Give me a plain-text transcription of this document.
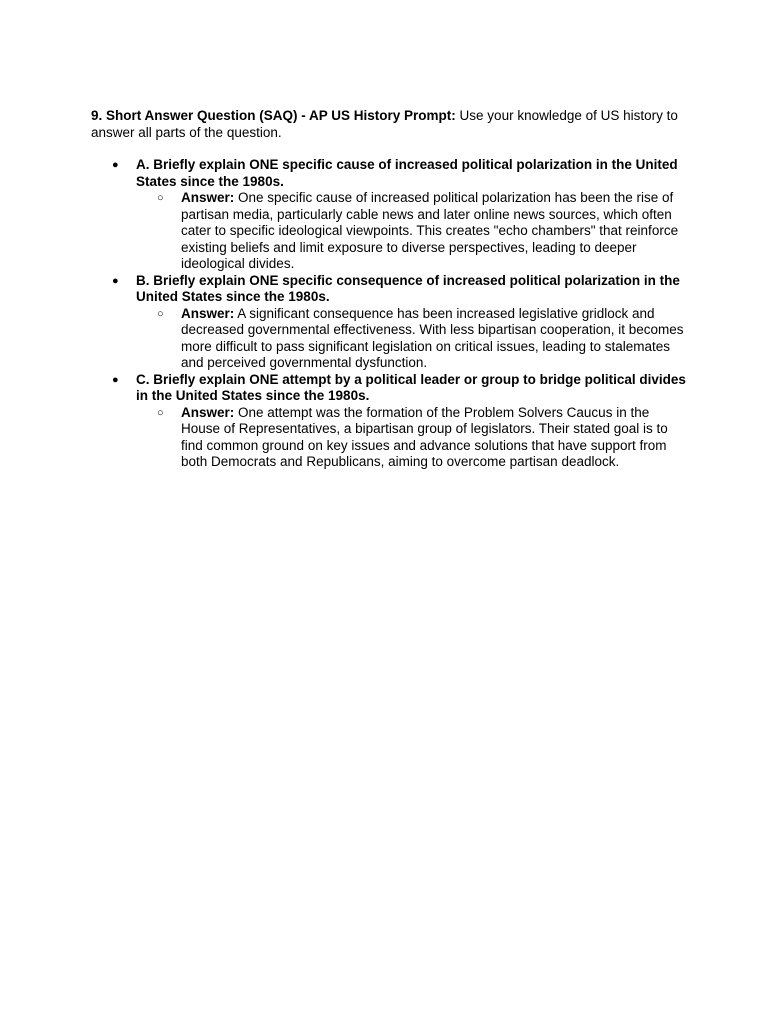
9. Short Answer Question (SAQ) - AP US History Prompt: Use your knowledge of US history to answer all parts of the question.

● A. Briefly explain ONE specific cause of increased political polarization in the United States since the 1980s.
○ Answer: One specific cause of increased political polarization has been the rise of partisan media, particularly cable news and later online news sources, which often cater to specific ideological viewpoints. This creates "echo chambers" that reinforce existing beliefs and limit exposure to diverse perspectives, leading to deeper ideological divides.
● B. Briefly explain ONE specific consequence of increased political polarization in the United States since the 1980s.
○ Answer: A significant consequence has been increased legislative gridlock and decreased governmental effectiveness. With less bipartisan cooperation, it becomes more difficult to pass significant legislation on critical issues, leading to stalemates and perceived governmental dysfunction.
● C. Briefly explain ONE attempt by a political leader or group to bridge political divides in the United States since the 1980s.
○ Answer: One attempt was the formation of the Problem Solvers Caucus in the House of Representatives, a bipartisan group of legislators. Their stated goal is to find common ground on key issues and advance solutions that have support from both Democrats and Republicans, aiming to overcome partisan deadlock.
